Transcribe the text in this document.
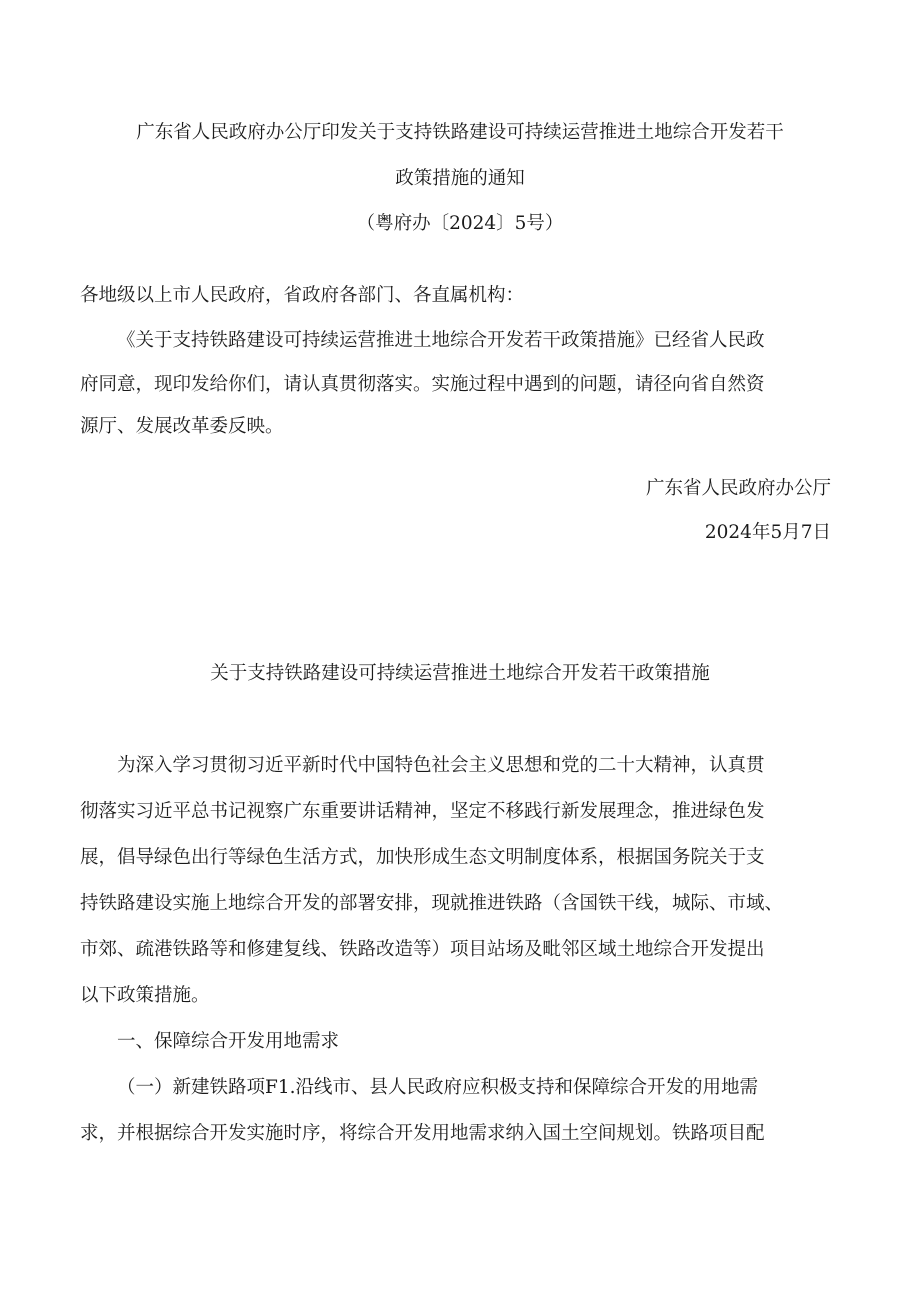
广东省人民政府办公厅印发关于支持铁路建设可持续运营推进土地综合开发若干

政策措施的通知

（粤府办〔2024〕5号）

各地级以上市人民政府，省政府各部门、各直属机构：

《关于支持铁路建设可持续运营推进土地综合开发若干政策措施》已经省人民政

府同意，现印发给你们，请认真贯彻落实。实施过程中遇到的问题，请径向省自然资

源厅、发展改革委反映。

广东省人民政府办公厅

2024年5月7日

关于支持铁路建设可持续运营推进土地综合开发若干政策措施

为深入学习贯彻习近平新时代中国特色社会主义思想和党的二十大精神，认真贯

彻落实习近平总书记视察广东重要讲话精神，坚定不移践行新发展理念，推进绿色发

展，倡导绿色出行等绿色生活方式，加快形成生态文明制度体系，根据国务院关于支

持铁路建设实施上地综合开发的部署安排，现就推进铁路（含国铁干线，城际、市域、

市郊、疏港铁路等和修建复线、铁路改造等）项目站场及毗邻区域土地综合开发提出

以下政策措施。

一、保障综合开发用地需求

（一）新建铁路项F1.沿线市、县人民政府应积极支持和保障综合开发的用地需

求，并根据综合开发实施时序，将综合开发用地需求纳入国土空间规划。铁路项目配
